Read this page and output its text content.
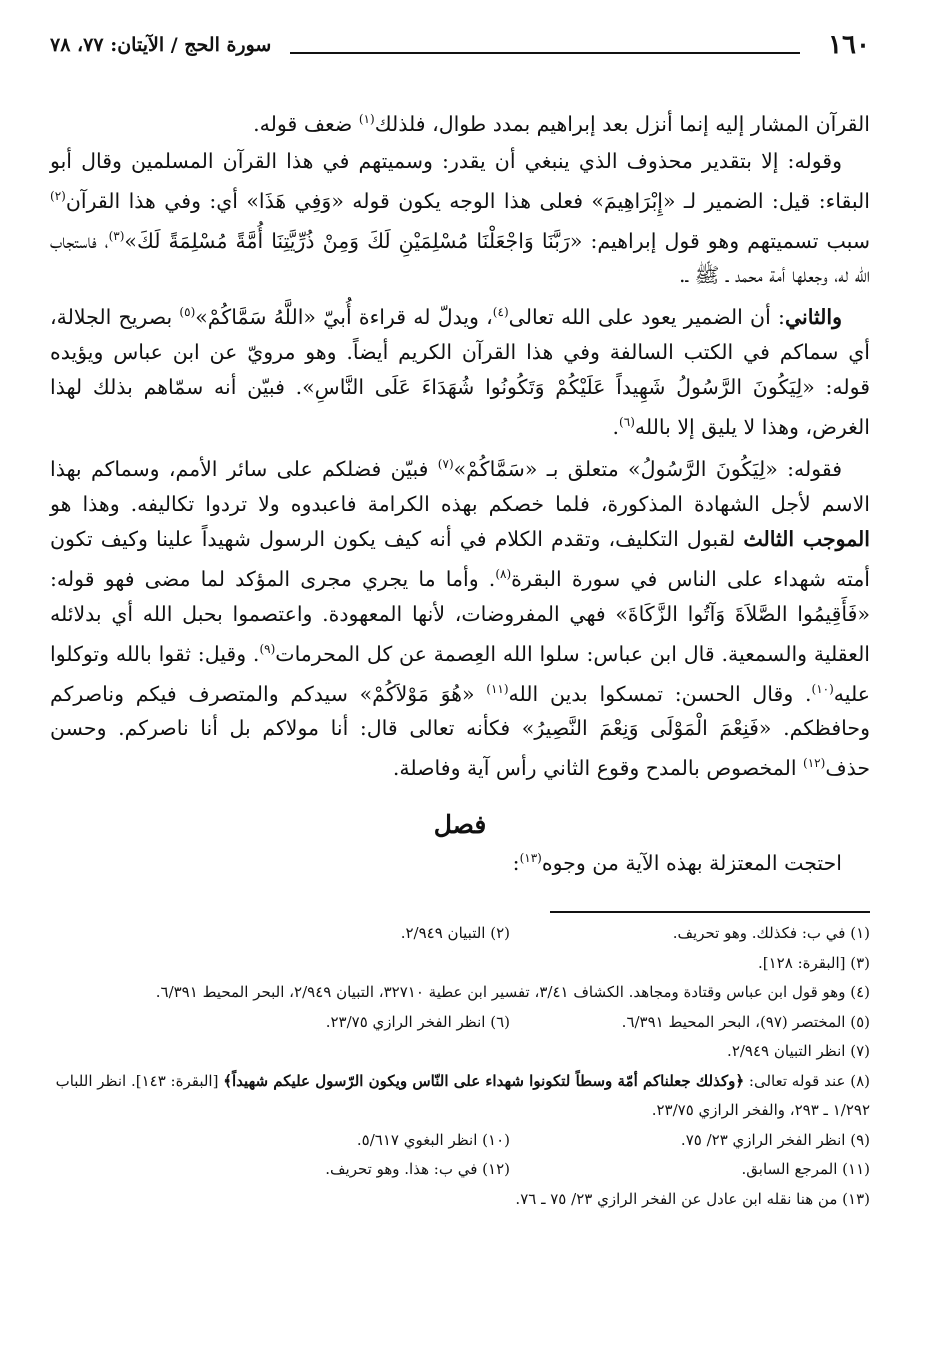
١٦٠
سورة الحج / الآيتان: ٧٧، ٧٨

القرآن المشار إليه إنما أنزل بعد إبراهيم بمدد طوال، فلذلك$^{(١)}$ ضعف قوله.

وقوله: إلا بتقدير محذوف الذي ينبغي أن يقدر: وسميتهم في هذا القرآن المسلمين وقال أبو البقاء: قيل: الضمير لـ «إِبْرَاهِيمَ» فعلى هذا الوجه يكون قوله «وَفِي هَذَا» أي: وفي هذا القرآن$^{(٢)}$ سبب تسميتهم وهو قول إبراهيم: «رَبَّنَا وَاجْعَلْنَا مُسْلِمَيْنِ لَكَ وَمِنْ ذُرِّيَّتِنَا أُمَّةً مُسْلِمَةً لَكَ»$^{(٣)}$، فاستجاب الله له، وجعلها أمة محمد ـ ﷺ ـ.

والثاني: أن الضمير يعود على الله تعالى$^{(٤)}$، ويدلّ له قراءة أُبيّ «اللَّهُ سَمَّاكُمْ»$^{(٥)}$ بصريح الجلالة، أي سماكم في الكتب السالفة وفي هذا القرآن الكريم أيضاً. وهو مرويّ عن ابن عباس ويؤيده قوله: «لِيَكُونَ الرَّسُولُ شَهِيداً عَلَيْكُمْ وَتَكُونُوا شُهَدَاءَ عَلَى النَّاسِ». فبيّن أنه سمّاهم بذلك لهذا الغرض، وهذا لا يليق إلا بالله$^{(٦)}$.

فقوله: «لِيَكُونَ الرَّسُولُ» متعلق بـ «سَمَّاكُمْ»$^{(٧)}$ فبيّن فضلكم على سائر الأمم، وسماكم بهذا الاسم لأجل الشهادة المذكورة، فلما خصكم بهذه الكرامة فاعبدوه ولا تردوا تكاليفه. وهذا هو الموجب الثالث لقبول التكليف، وتقدم الكلام في أنه كيف يكون الرسول شهيداً علينا وكيف تكون أمته شهداء على الناس في سورة البقرة$^{(٨)}$. وأما ما يجري مجرى المؤكد لما مضى فهو قوله: «فَأَقِيمُوا الصَّلاَةَ وَآتُوا الزَّكَاةَ» فهي المفروضات، لأنها المعهودة. واعتصموا بحبل الله أي بدلائله العقلية والسمعية. قال ابن عباس: سلوا الله العِصمة عن كل المحرمات$^{(٩)}$. وقيل: ثقوا بالله وتوكلوا عليه$^{(١٠)}$. وقال الحسن: تمسكوا بدين الله$^{(١١)}$ «هُوَ مَوْلاَكُمْ» سيدكم والمتصرف فيكم وناصركم وحافظكم. «فَنِعْمَ الْمَوْلَى وَنِعْمَ النَّصِيرُ» فكأنه تعالى قال: أنا مولاكم بل أنا ناصركم. وحسن حذف$^{(١٢)}$ المخصوص بالمدح وقوع الثاني رأس آية وفاصلة.

فصل
احتجت المعتزلة بهذه الآية من وجوه$^{(١٣)}$:
(١) في ب: فكذلك. وهو تحريف.
(٢) التبيان ٢/٩٤٩.
(٣) [البقرة: ١٢٨].
(٤) وهو قول ابن عباس وقتادة ومجاهد. الكشاف ٣/٤١، تفسير ابن عطية ٣٢٧١٠، التبيان ٢/٩٤٩، البحر المحيط ٦/٣٩١.
(٥) المختصر (٩٧)، البحر المحيط ٦/٣٩١.
(٦) انظر الفخر الرازي ٢٣/٧٥.
(٧) انظر التبيان ٢/٩٤٩.
(٨) عند قوله تعالى: ﴿وكذلك جعلناكم أمّة وسطاً لتكونوا شهداء على النّاس ويكون الرّسول عليكم شهيداً﴾ [البقرة: ١٤٣]. انظر اللباب ١/٢٩٢ ـ ٢٩٣، والفخر الرازي ٢٣/٧٥.
(٩) انظر الفخر الرازي ٢٣/ ٧٥.
(١٠) انظر البغوي ٥/٦١٧.
(١١) المرجع السابق.
(١٢) في ب: هذا. وهو تحريف.
(١٣) من هنا نقله ابن عادل عن الفخر الرازي ٢٣/ ٧٥ ـ ٧٦.
